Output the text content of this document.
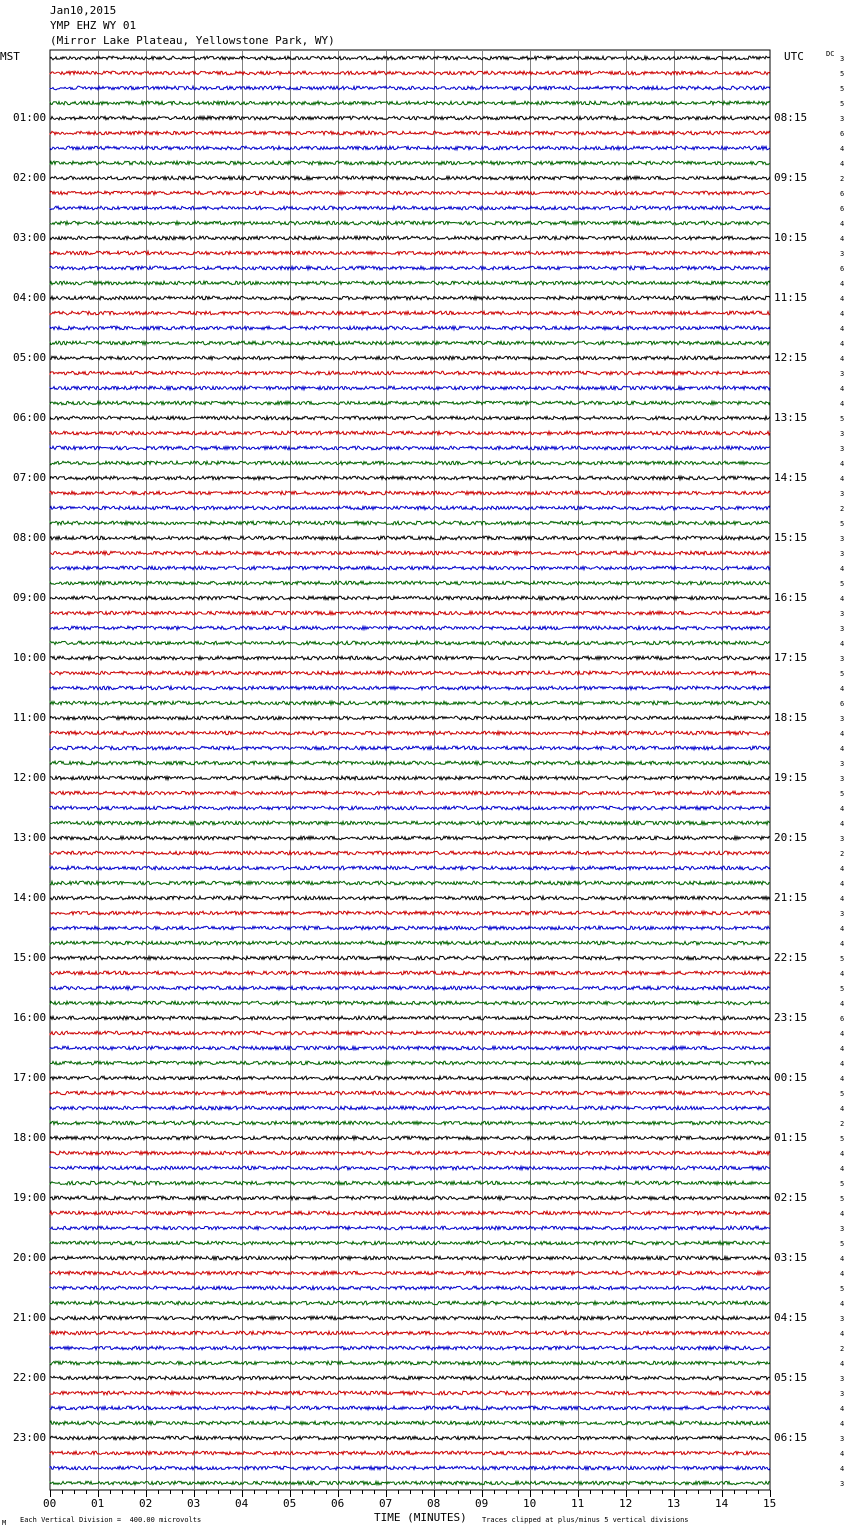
Jan10,2015
YMP EHZ WY 01
(Mirror Lake Plateau, Yellowstone Park, WY)
MST	UTC	DC
3
5
5
5
3
6
4
4
2
6
6
4
4
3
6
4
4
4
4
4
4
3
4
4
5
3
3
4
4
3
2
5
3
3
4
5
4
3
3
4
3
5
4
6
3
4
4
3
3
5
4
4
3
2
4
4
4
3
4
4
5
4
5
4
6
4
4
4
4
5
4
2
5
4
4
5
5
4
3
5
4
4
5
4
3
4
2
4
3
3
4
4
3
4
4
3
01:00	08:15
02:00	09:15
03:00	10:15
04:00	11:15
05:00	12:15
06:00	13:15
07:00	14:15
08:00	15:15
09:00	16:15
10:00	17:15
11:00	18:15
12:00	19:15
13:00	20:15
14:00	21:15
15:00	22:15
16:00	23:15
17:00	00:15
18:00	01:15
19:00	02:15
20:00	03:15
21:00	04:15
22:00	05:15
23:00	06:15
00	01	02	03	04	05	06	07	08	09	10	11	12	13	14	15
M Each Vertical Division =  400.00 microvolts	TIME (MINUTES) Traces clipped at plus/minus 5 vertical divisions
